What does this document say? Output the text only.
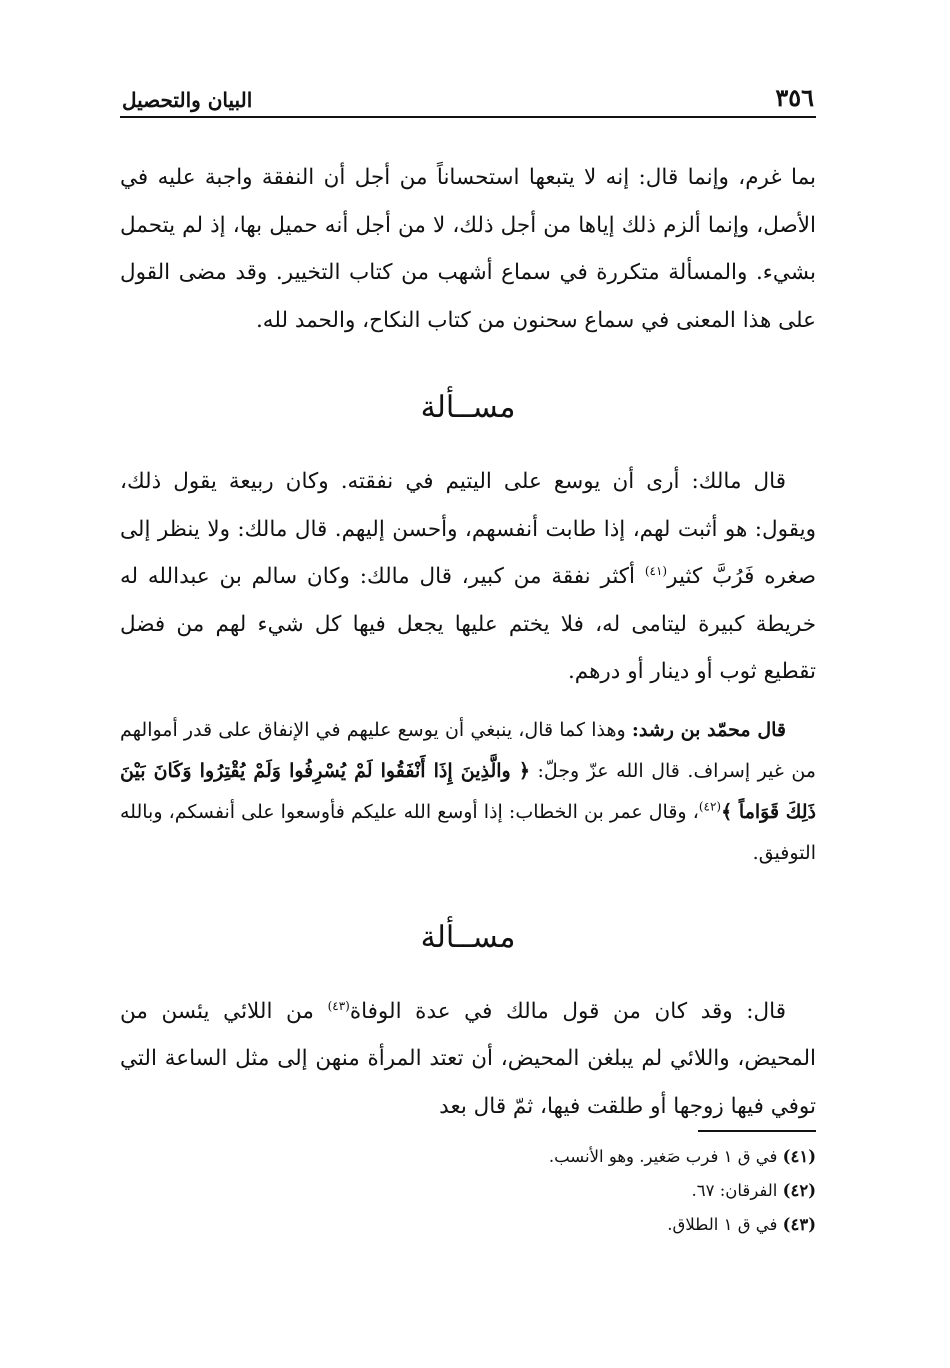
٣٥٦
البيان والتحصيل

بما غرم، وإنما قال: إنه لا يتبعها استحساناً من أجل أن النفقة واجبة عليه في الأصل، وإنما ألزم ذلك إياها من أجل ذلك، لا من أجل أنه حميل بها، إذ لم يتحمل بشيء. والمسألة متكررة في سماع أشهب من كتاب التخيير. وقد مضى القول على هذا المعنى في سماع سحنون من كتاب النكاح، والحمد لله.

مســألة

قال مالك: أرى أن يوسع على اليتيم في نفقته. وكان ربيعة يقول ذلك، ويقول: هو أثبت لهم، إذا طابت أنفسهم، وأحسن إليهم. قال مالك: ولا ينظر إلى صغره فَرُبَّ كثير$^{(٤١)}$ أكثر نفقة من كبير، قال مالك: وكان سالم بن عبدالله له خريطة كبيرة ليتامى له، فلا يختم عليها يجعل فيها كل شيء لهم من فضل تقطيع ثوب أو دينار أو درهم.

قال محمّد بن رشد: وهذا كما قال، ينبغي أن يوسع عليهم في الإنفاق على قدر أموالهم من غير إسراف. قال الله عزّ وجلّ: ﴿ والَّذِينَ إِذَا أَنْفَقُوا لَمْ يُسْرِفُوا وَلَمْ يُقْتِرُوا وَكَانَ بَيْنَ ذَلِكَ قَوَاماً ﴾$^{(٤٢)}$، وقال عمر بن الخطاب: إذا أوسع الله عليكم فأوسعوا على أنفسكم، وبالله التوفيق.

مســألة

قال: وقد كان من قول مالك في عدة الوفاة$^{(٤٣)}$ من اللائي يئسن من المحيض، واللائي لم يبلغن المحيض، أن تعتد المرأة منهن إلى مثل الساعة التي توفي فيها زوجها أو طلقت فيها، ثمّ قال بعد

(٤١) في ق ١ فرب صَغير. وهو الأنسب.
(٤٢) الفرقان: ٦٧.
(٤٣) في ق ١ الطلاق.
